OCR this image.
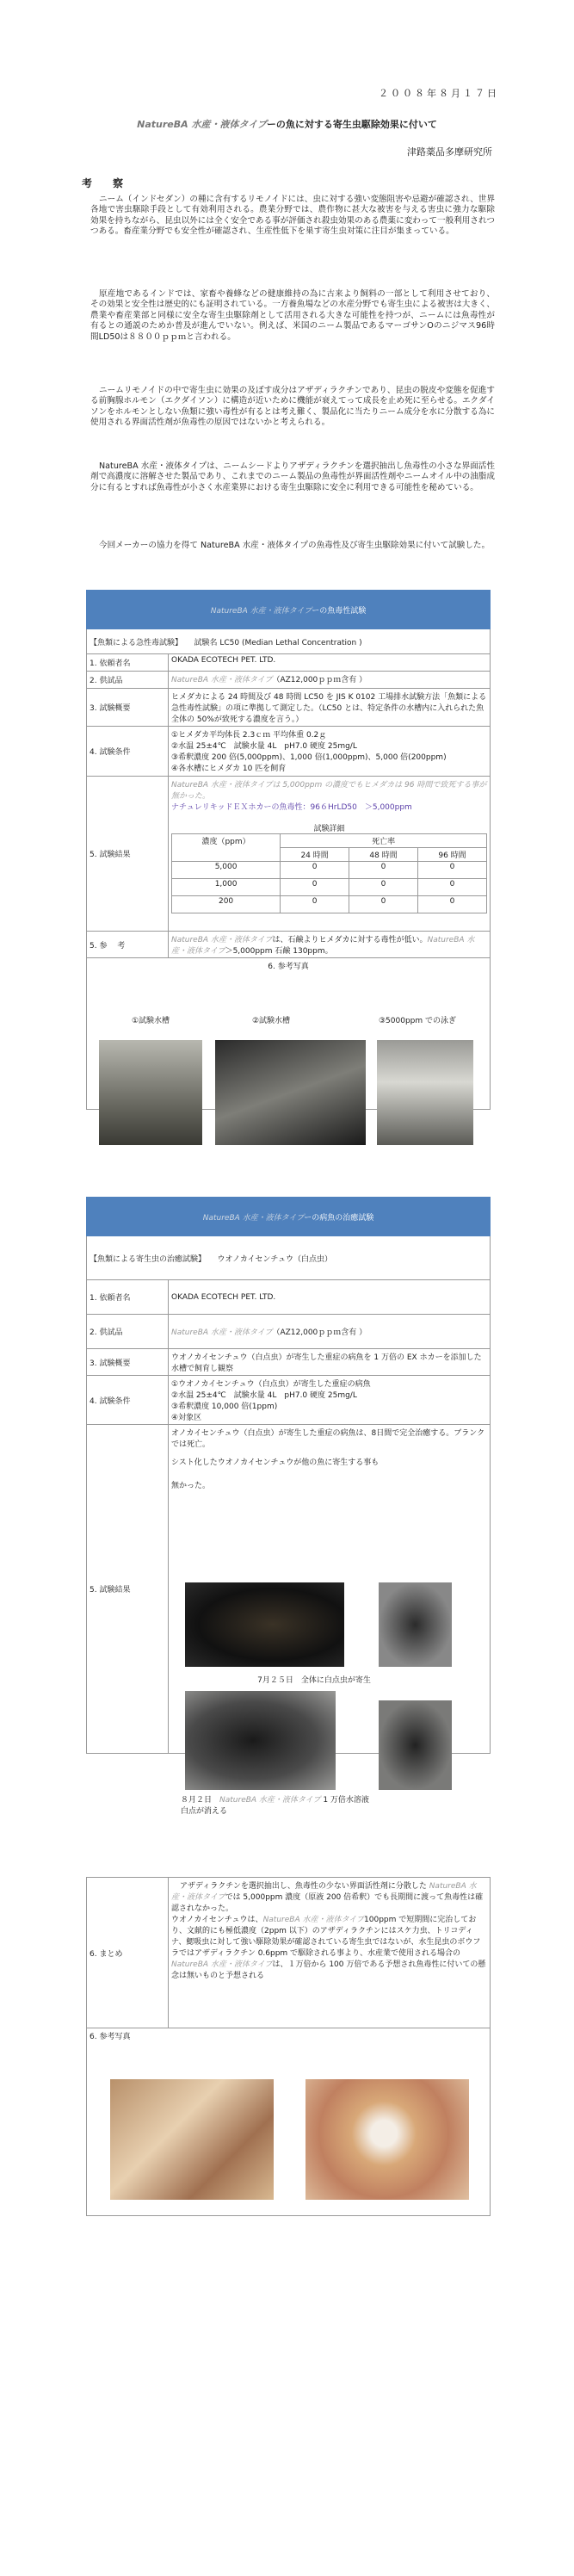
２００８年８月１７日
NatureBA 水産・液体タイプーの魚に対する寄生虫駆除効果に付いて
津路薬品多摩研究所
考　察
ニーム（インドセダン）の種に含有するリモノイドには、虫に対する強い変態阻害や忌避が確認され、世界各地で害虫駆除手段として有効利用される。農業分野では、農作物に甚大な被害を与える害虫に強力な駆除効果を持ちながら、昆虫以外には全く安全である事が評価され殺虫効果のある農薬に変わって一般利用されつつある。畜産業分野でも安全性が確認され、生産性低下を巣す寄生虫対策に注目が集まっている。
原産地であるインドでは、家畜や養蜂などの健康維持の為に古来より飼料の一部として利用させており、その効果と安全性は歴史的にも証明されている。一方養魚場などの水産分野でも寄生虫による被害は大きく、農業や畜産業部と同様に安全な寄生虫駆除剤として活用される大きな可能性を持つが、ニームには魚毒性が有るとの通説のためか普及が進んでいない。例えば、米国のニーム製品であるマーゴサンOのニジマス96時間LD50は８８００ｐｐｍと言われる。
ニームリモノイドの中で寄生虫に効果の及ぼす成分はアザディラクチンであり、昆虫の脱皮や変態を促進する前胸腺ホルモン（エクダイソン）に構造が近いために機能が衰えてって成長を止め死に至らせる。エクダイソンをホルモンとしない魚類に強い毒性が有るとは考え難く、製品化に当たりニーム成分を水に分散する為に使用される界面活性剤が魚毒性の原因ではないかと考えられる。
NatureBA 水産・液体タイプは、ニームシードよりアザディラクチンを選択抽出し魚毒性の小さな界面活性剤で高濃度に溶解させた製品であり、これまでのニーム製品の魚毒性が界面活性剤やニームオイル中の油脂成分に有るとすれば魚毒性が小さく水産業界における寄生虫駆除に安全に利用できる可能性を秘めている。
今回メーカーの協力を得て NatureBA 水産・液体タイプの魚毒性及び寄生虫駆除効果に付いて試験した。
NatureBA 水産・液体タイプーの魚毒性試験
【魚類による急性毒試験】　　試験名 LC50 (Median Lethal Concentration )
1. 依頼者名	OKADA ECOTECH PET. LTD.
2. 供試品	NatureBA 水産・液体タイプ（AZ12,000ｐｐｍ含有 ）
3. 試験概要	ヒメダカによる 24 時間及び 48 時間 LC50 を JIS K 0102 工場排水試験方法「魚類による急性毒性試験」の項に準拠して測定した。（LC50 とは、特定条件の水槽内に入れられた魚全体の 50%が致死する濃度を言う。）
4. 試験条件	
①ヒメダカ平均体長 2.3ｃｍ 平均体重 0.2ｇ
②水温 25±4℃　試験水量 4L　pH7.0 硬度 25mg/L
③希釈濃度 200 倍(5,000ppm)、1,000 倍(1,000ppm)、5,000 倍(200ppm)
④各水槽にヒメダカ 10 匹を飼育

5. 試験結果	
NatureBA 水産・液体タイプは 5,000ppm の濃度でもヒメダカは 96 時間で致死する事が無かった。
ナチュレリキッドＥＸホカーの魚毒性：96６HrLD50　＞5,000ppm
試験詳細
濃度（ppm）	死亡率
24 時間	48 時間	96 時間
5,000	0	0	0
1,000	0	0	0
200	0	0	0

5. 参　 考	NatureBA 水産・液体タイプは、石鹸よりヒメダカに対する毒性が低い。NatureBA 水産・液体タイプ＞5,000ppm 石鹸 130ppm。

6. 参考写真
①試験水槽	②試験水槽	③5000ppm での泳ぎ
NatureBA 水産・液体タイプーの病魚の治癒試験	
【魚類による寄生虫の治癒試験】　　ウオノカイセンチュウ（白点虫）	
1. 依頼者名	OKADA ECOTECH PET. LTD.
2. 供試品	NatureBA 水産・液体タイプ（AZ12,000ｐｐｍ含有 ）
3. 試験概要	ウオノカイセンチュウ（白点虫）が寄生した重症の病魚を 1 万倍の EX ホカーを添加した水槽で飼育し観察
4. 試験条件	①ウオノカイセンチュウ（白点虫）が寄生した重症の病魚
②水温 25±4℃　試験水量 4L　pH7.0 硬度 25mg/L
③希釈濃度 10,000 倍(1ppm)
④対象区

5. 試験結果	オノカイセンチュウ（白点虫）が寄生した重症の病魚は、8日間で完全治癒する。ブランクでは死亡。
シスト化したウオノカイセンチュウが他の魚に寄生する事も
無かった。
7月２５日　全体に白点虫が寄生
８月２日　NatureBA 水産・液体タイプ 1 万倍水溶液
白点が消える
6. まとめ	アザディラクチンを選択抽出し、魚毒性の少ない界面活性剤に分散した NatureBA 水産・液体タイプでは 5,000ppm 濃度（原液 200 倍希釈）でも長期間に渡って魚毒性は確認されなかった。
ウオノカイセンチュウは、NatureBA 水産・液体タイプ100ppm で短期間に完治しており、文献的にも極低濃度（2ppm 以下）のアザディラクチンにはスケ力虫、トリコディナ、鰓吸虫に対して強い駆除効果が確認されている寄生虫ではないが、水生昆虫のボウフラではアザディラクチン 0.6ppm で駆除される事より、水産業で使用される場合のNatureBA 水産・液体タイプは、１万倍から 100 万倍である予想され魚毒性に付いての懸念は無いものと予想される

6. 参考写真
